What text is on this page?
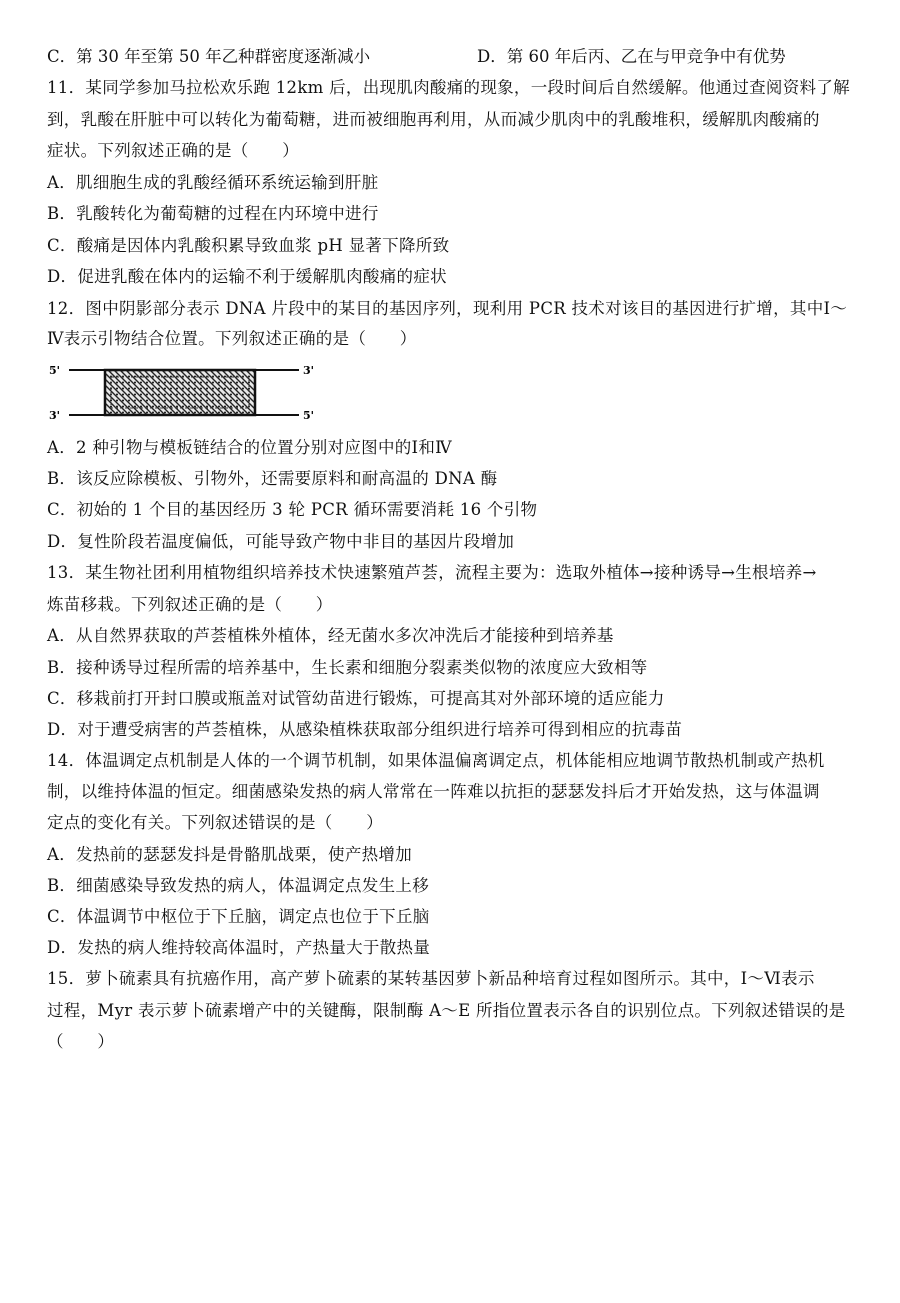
C．第 30 年至第 50 年乙种群密度逐渐减小	D．第 60 年后丙、乙在与甲竞争中有优势
11．某同学参加马拉松欢乐跑 12km 后，出现肌肉酸痛的现象，一段时间后自然缓解。他通过查阅资料了解
到，乳酸在肝脏中可以转化为葡萄糖，进而被细胞再利用，从而减少肌肉中的乳酸堆积，缓解肌肉酸痛的
症状。下列叙述正确的是（　　）
A．肌细胞生成的乳酸经循环系统运输到肝脏
B．乳酸转化为葡萄糖的过程在内环境中进行
C．酸痛是因体内乳酸积累导致血浆 pH 显著下降所致
D．促进乳酸在体内的运输不利于缓解肌肉酸痛的症状
12．图中阴影部分表示 DNA 片段中的某目的基因序列，现利用 PCR 技术对该目的基因进行扩增，其中Ⅰ～
Ⅳ表示引物结合位置。下列叙述正确的是（　　）
5'	3'
3'	5'
A．2 种引物与模板链结合的位置分别对应图中的Ⅰ和Ⅳ
B．该反应除模板、引物外，还需要原料和耐高温的 DNA 酶
C．初始的 1 个目的基因经历 3 轮 PCR 循环需要消耗 16 个引物
D．复性阶段若温度偏低，可能导致产物中非目的基因片段增加
13．某生物社团利用植物组织培养技术快速繁殖芦荟，流程主要为：选取外植体→接种诱导→生根培养→
炼苗移栽。下列叙述正确的是（　　）
A．从自然界获取的芦荟植株外植体，经无菌水多次冲洗后才能接种到培养基
B．接种诱导过程所需的培养基中，生长素和细胞分裂素类似物的浓度应大致相等
C．移栽前打开封口膜或瓶盖对试管幼苗进行锻炼，可提高其对外部环境的适应能力
D．对于遭受病害的芦荟植株，从感染植株获取部分组织进行培养可得到相应的抗毒苗
14．体温调定点机制是人体的一个调节机制，如果体温偏离调定点，机体能相应地调节散热机制或产热机
制，以维持体温的恒定。细菌感染发热的病人常常在一阵难以抗拒的瑟瑟发抖后才开始发热，这与体温调
定点的变化有关。下列叙述错误的是（　　）
A．发热前的瑟瑟发抖是骨骼肌战栗，使产热增加
B．细菌感染导致发热的病人，体温调定点发生上移
C．体温调节中枢位于下丘脑，调定点也位于下丘脑
D．发热的病人维持较高体温时，产热量大于散热量
15．萝卜硫素具有抗癌作用，高产萝卜硫素的某转基因萝卜新品种培育过程如图所示。其中，Ⅰ～Ⅵ表示
过程，Myr 表示萝卜硫素增产中的关键酶，限制酶 A～E 所指位置表示各自的识别位点。下列叙述错误的是
（　　）
